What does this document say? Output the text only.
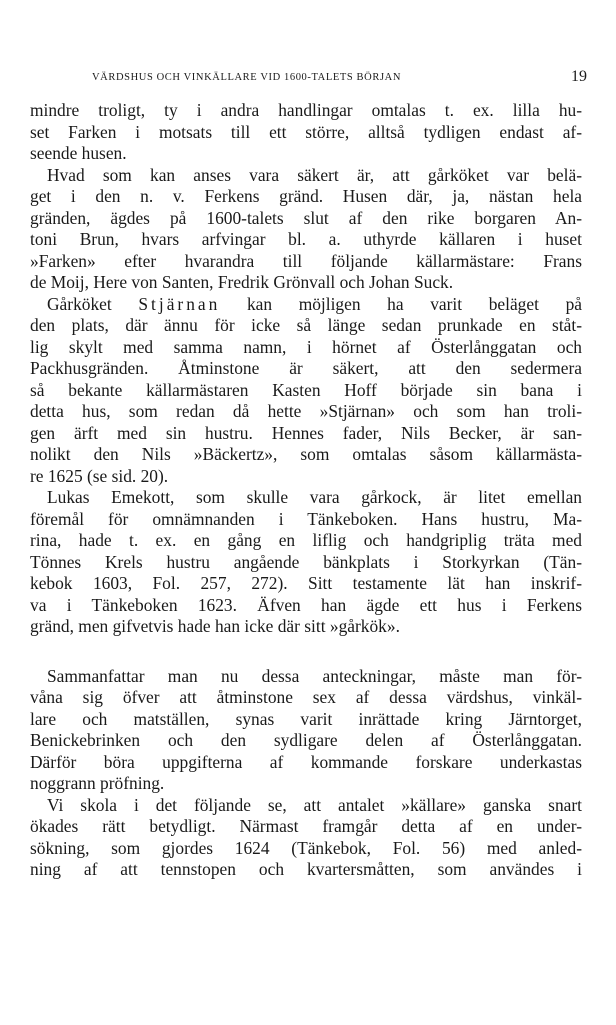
VÄRDSHUS OCH VINKÄLLARE VID 1600-TALETS BÖRJAN	19
mindre troligt, ty i andra handlingar omtalas t. ex. lilla hu-
set Farken i motsats till ett större, alltså tydligen endast af-
seende husen.
Hvad som kan anses vara säkert är, att gårköket var belä-
get i den n. v. Ferkens gränd. Husen där, ja, nästan hela
gränden, ägdes på 1600-talets slut af den rike borgaren An-
toni Brun, hvars arfvingar bl. a. uthyrde källaren i huset
»Farken» efter hvarandra till följande källarmästare: Frans
de Moij, Here von Santen, Fredrik Grönvall och Johan Suck.
Gårköket Stjärnan kan möjligen ha varit beläget på
den plats, där ännu för icke så länge sedan prunkade en ståt-
lig skylt med samma namn, i hörnet af Österlånggatan och
Packhusgränden. Åtminstone är säkert, att den sedermera
så bekante källarmästaren Kasten Hoff började sin bana i
detta hus, som redan då hette »Stjärnan» och som han troli-
gen ärft med sin hustru. Hennes fader, Nils Becker, är san-
nolikt den Nils »Bäckertz», som omtalas såsom källarmästa-
re 1625 (se sid. 20).
Lukas Emekott, som skulle vara gårkock, är litet emellan
föremål för omnämnanden i Tänkeboken. Hans hustru, Ma-
rina, hade t. ex. en gång en liflig och handgriplig träta med
Tönnes Krels hustru angående bänkplats i Storkyrkan (Tän-
kebok 1603, Fol. 257, 272). Sitt testamente lät han inskrif-
va i Tänkeboken 1623. Äfven han ägde ett hus i Ferkens
gränd, men gifvetvis hade han icke där sitt »gårkök».
Sammanfattar man nu dessa anteckningar, måste man för-
våna sig öfver att åtminstone sex af dessa värdshus, vinkäl-
lare och matställen, synas varit inrättade kring Järntorget,
Benickebrinken och den sydligare delen af Österlånggatan.
Därför böra uppgifterna af kommande forskare underkastas
noggrann pröfning.
Vi skola i det följande se, att antalet »källare» ganska snart
ökades rätt betydligt. Närmast framgår detta af en under-
sökning, som gjordes 1624 (Tänkebok, Fol. 56) med anled-
ning af att tennstopen och kvartersmåtten, som användes i
